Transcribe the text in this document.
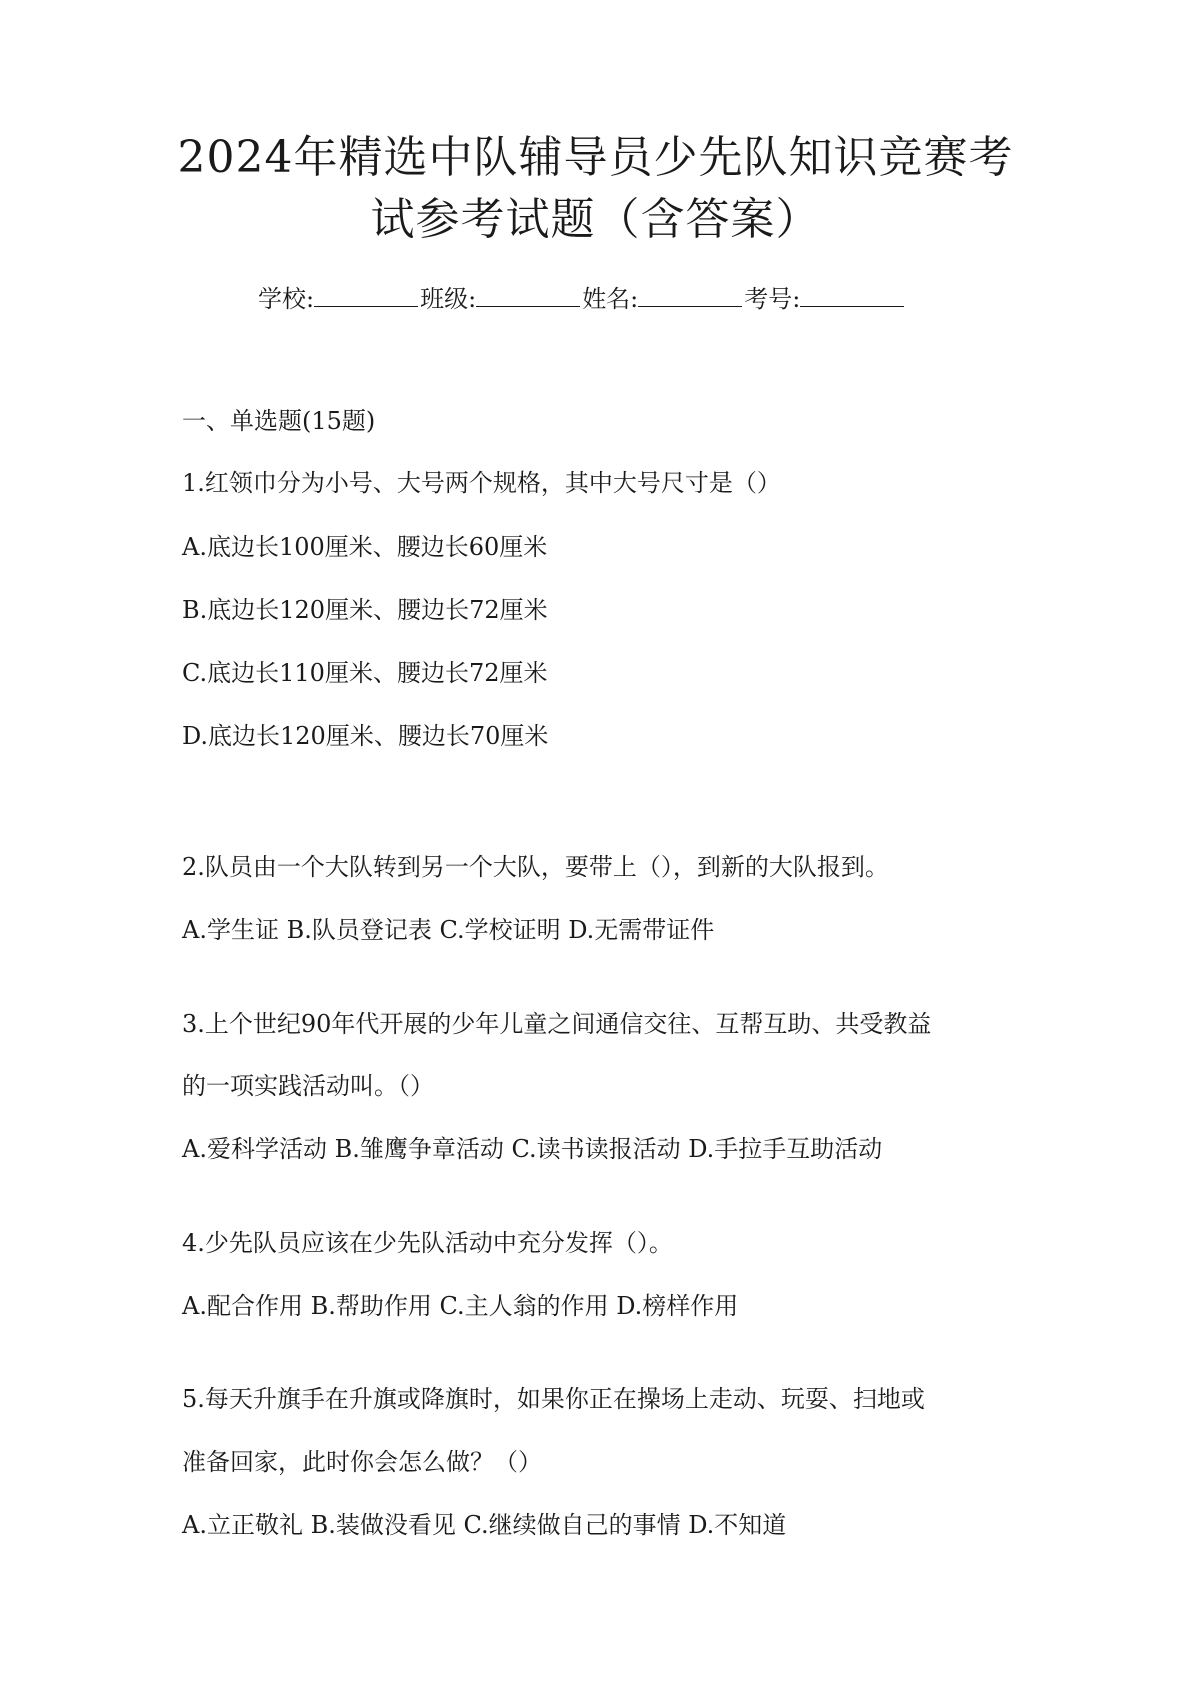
2024年精选中队辅导员少先队知识竞赛考
试参考试题（含答案）
学校:	班级:	姓名:	考号:
一、单选题(15题)
1.红领巾分为小号、大号两个规格，其中大号尺寸是（）
A.底边长100厘米、腰边长60厘米
B.底边长120厘米、腰边长72厘米
C.底边长110厘米、腰边长72厘米
D.底边长120厘米、腰边长70厘米
2.队员由一个大队转到另一个大队，要带上（），到新的大队报到。
A.学生证 B.队员登记表 C.学校证明 D.无需带证件
3.上个世纪90年代开展的少年儿童之间通信交往、互帮互助、共受教益
的一项实践活动叫。（）
A.爱科学活动 B.雏鹰争章活动 C.读书读报活动 D.手拉手互助活动
4.少先队员应该在少先队活动中充分发挥（）。
A.配合作用 B.帮助作用 C.主人翁的作用 D.榜样作用
5.每天升旗手在升旗或降旗时，如果你正在操场上走动、玩耍、扫地或
准备回家，此时你会怎么做？（）
A.立正敬礼 B.装做没看见 C.继续做自己的事情 D.不知道
